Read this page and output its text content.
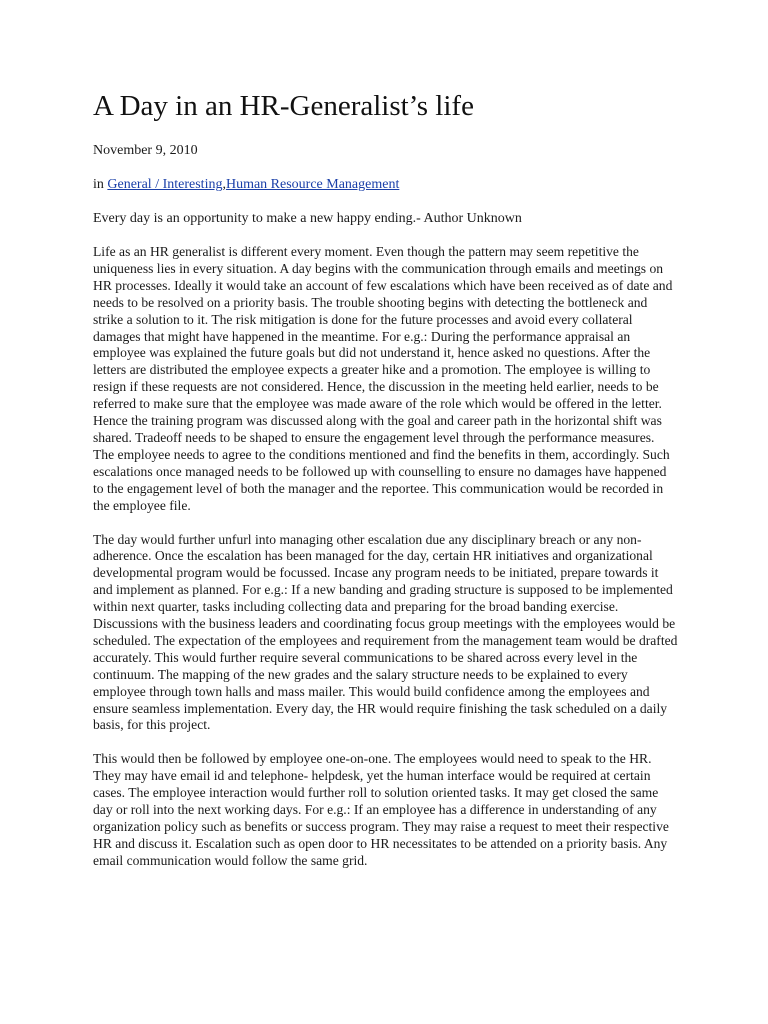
A Day in an HR-Generalist’s life

November 9, 2010

in General / Interesting,Human Resource Management

Every day is an opportunity to make a new happy ending.- Author Unknown

Life as an HR generalist is different every moment. Even though the pattern may seem repetitive the uniqueness lies in every situation. A day begins with the communication through emails and meetings on HR processes. Ideally it would take an account of few escalations which have been received as of date and needs to be resolved on a priority basis. The trouble shooting begins with detecting the bottleneck and strike a solution to it. The risk mitigation is done for the future processes and avoid every collateral damages that might have happened in the meantime. For e.g.: During the performance appraisal an employee was explained the future goals but did not understand it, hence asked no questions. After the letters are distributed the employee expects a greater hike and a promotion. The employee is willing to resign if these requests are not considered. Hence, the discussion in the meeting held earlier, needs to be referred to make sure that the employee was made aware of the role which would be offered in the letter. Hence the training program was discussed along with the goal and career path in the horizontal shift was shared. Tradeoff needs to be shaped to ensure the engagement level through the performance measures. The employee needs to agree to the conditions mentioned and find the benefits in them, accordingly. Such escalations once managed needs to be followed up with counselling to ensure no damages have happened to the engagement level of both the manager and the reportee. This communication would be recorded in the employee file.

The day would further unfurl into managing other escalation due any disciplinary breach or any non-adherence. Once the escalation has been managed for the day, certain HR initiatives and organizational developmental program would be focussed. Incase any program needs to be initiated, prepare towards it and implement as planned. For e.g.: If a new banding and grading structure is supposed to be implemented within next quarter, tasks including collecting data and preparing for the broad banding exercise. Discussions with the business leaders and coordinating focus group meetings with the employees would be scheduled. The expectation of the employees and requirement from the management team would be drafted accurately. This would further require several communications to be shared across every level in the continuum. The mapping of the new grades and the salary structure needs to be explained to every employee through town halls and mass mailer. This would build confidence among the employees and ensure seamless implementation. Every day, the HR would require finishing the task scheduled on a daily basis, for this project.

This would then be followed by employee one-on-one. The employees would need to speak to the HR. They may have email id and telephone- helpdesk, yet the human interface would be required at certain cases. The employee interaction would further roll to solution oriented tasks. It may get closed the same day or roll into the next working days. For e.g.: If an employee has a difference in understanding of any organization policy such as benefits or success program. They may raise a request to meet their respective HR and discuss it. Escalation such as open door to HR necessitates to be attended on a priority basis. Any email communication would follow the same grid.
